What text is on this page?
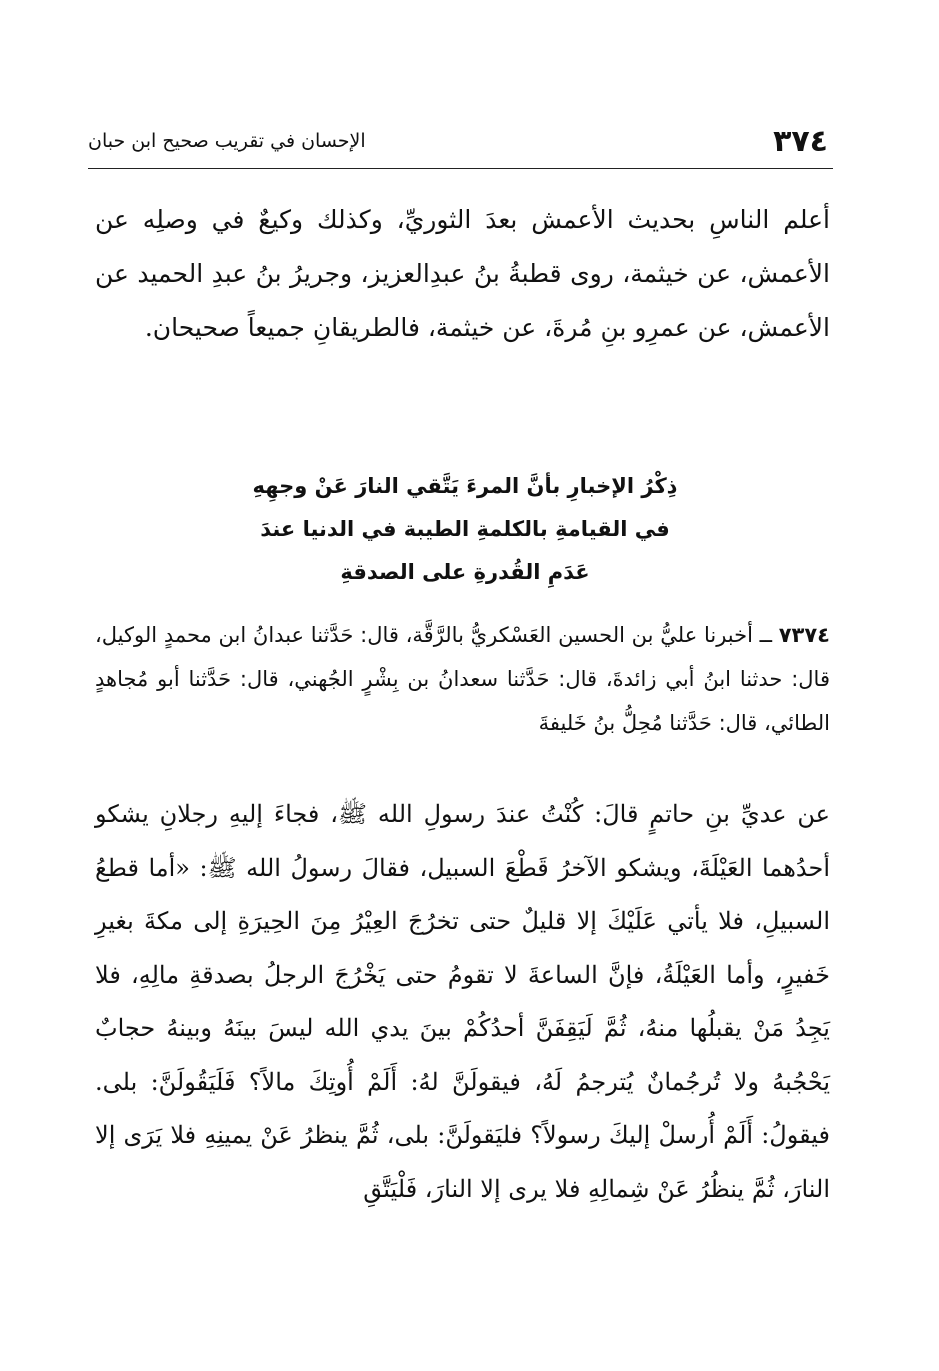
٣٧٤
الإحسان في تقريب صحيح ابن حبان
أعلم الناسِ بحديث الأعمش بعدَ الثوريِّ، وكذلك وكيعٌ في وصلِه عن الأعمش، عن خيثمة، روى قطبةُ بنُ عبدِالعزيز، وجريرُ بنُ عبدِ الحميد عن الأعمش، عن عمرِو بنِ مُرةَ، عن خيثمة، فالطريقانِ جميعاً صحيحان.
ذِكْرُ الإخبارِ بأنَّ المرءَ يَتَّقي النارَ عَنْ وجهِهِ
في القيامةِ بالكلمةِ الطيبة في الدنيا عندَ
عَدَمِ القُدرةِ على الصدقةِ
٧٣٧٤ ــ أخبرنا عليُّ بن الحسين العَسْكريُّ بالرَّقَّة، قال: حَدَّثنا عبدانُ ابن محمدٍ الوكيل، قال: حدثنا ابنُ أبي زائدةَ، قال: حَدَّثنا سعدانُ بن بِشْرٍ الجُهني، قال: حَدَّثنا أبو مُجاهدٍ الطائي، قال: حَدَّثنا مُحِلُّ بنُ خَليفةَ
عن عديِّ بنِ حاتمٍ قالَ: كُنْتُ عندَ رسولِ الله ﷺ، فجاءَ إليهِ رجلانِ يشكو أحدُهما العَيْلَةَ، ويشكو الآخرُ قَطْعَ السبيل، فقالَ رسولُ الله ﷺ: «أما قطعُ السبيلِ، فلا يأتي عَلَيْكَ إلا قليلٌ حتى تخرُجَ العِيْرُ مِنَ الحِيرَةِ إلى مكةَ بغيرِ خَفيرٍ، وأما العَيْلَةُ، فإنَّ الساعةَ لا تقومُ حتى يَخْرُجَ الرجلُ بصدقةِ مالِهِ، فلا يَجِدُ مَنْ يقبلُها منهُ، ثُمَّ لَيَقِفَنَّ أحدُكُمْ بينَ يدي الله ليسَ بينَهُ وبينهُ حجابٌ يَحْجُبهُ ولا تُرجُمانٌ يُترجمُ لَهُ، فيقولَنَّ لهُ: أَلَمْ أُوتِكَ مالاً؟ فَلَيَقُولَنَّ: بلى. فيقولُ: أَلَمْ أُرسلْ إليكَ رسولاً؟ فليَقولَنَّ: بلى، ثُمَّ ينظرُ عَنْ يمينِهِ فلا يَرَى إلا النارَ، ثُمَّ ينظُرُ عَنْ شِمالِهِ فلا يرى إلا النارَ، فَلْيَتَّقِ
